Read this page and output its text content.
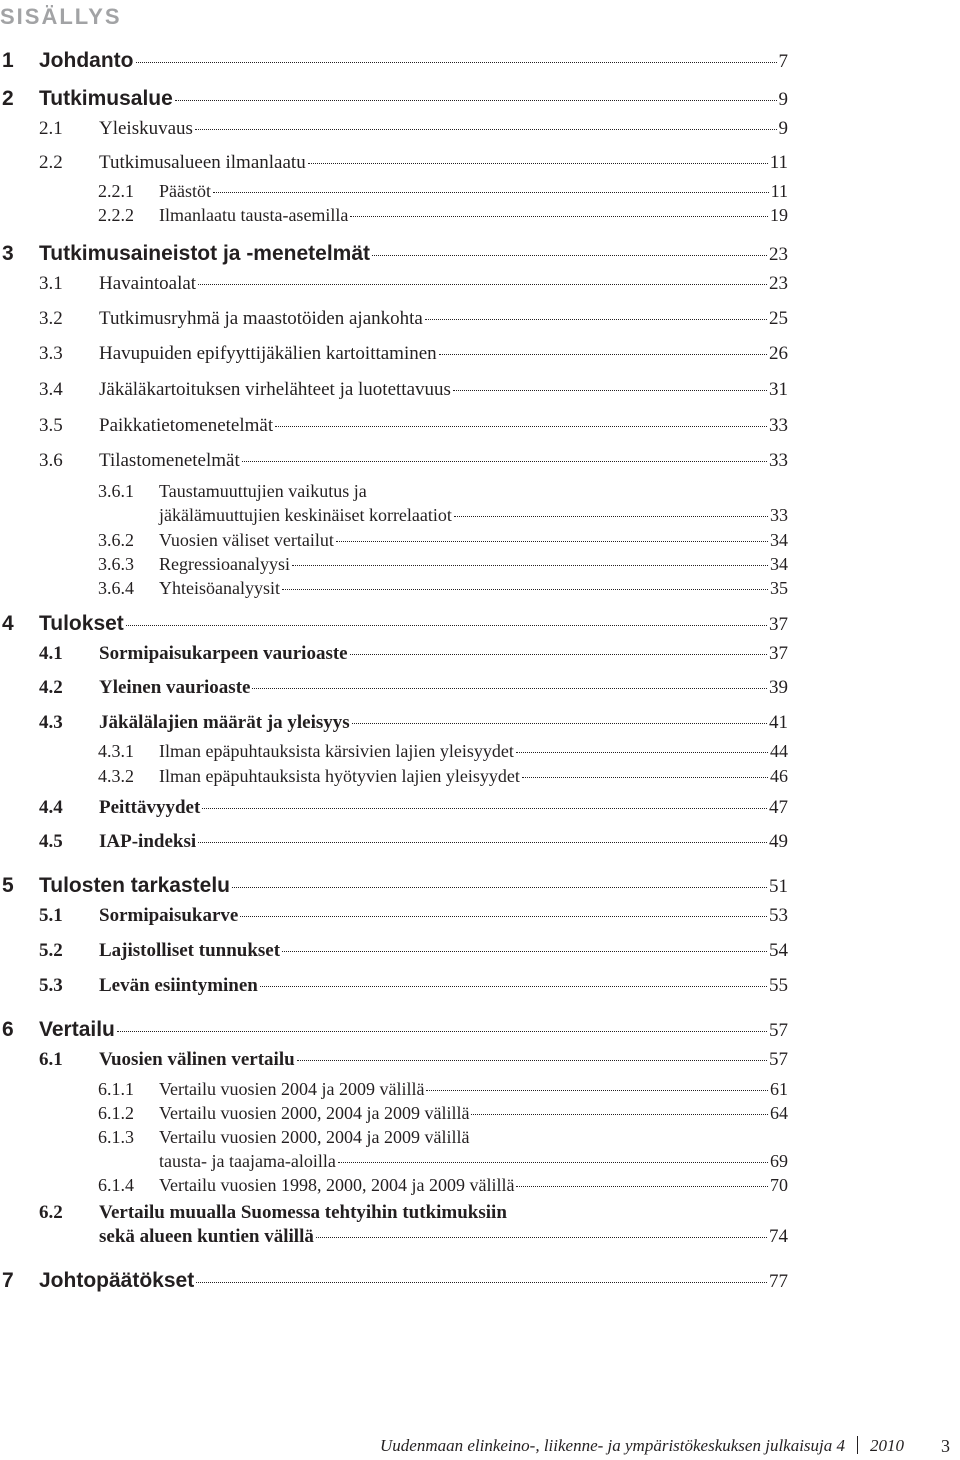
SISÄLLYS
1 Johdanto	7
2 Tutkimusalue	9
2.1 Yleiskuvaus	9
2.2 Tutkimusalueen ilmanlaatu	11
2.2.1 Päästöt	11
2.2.2 Ilmanlaatu tausta-asemilla	19
3 Tutkimusaineistot ja -menetelmät	23
3.1 Havaintoalat	23
3.2 Tutkimusryhmä ja maastotöiden ajankohta	25
3.3 Havupuiden epifyyttijäkälien kartoittaminen	26
3.4 Jäkäläkartoituksen virhelähteet ja luotettavuus	31
3.5 Paikkatietomenetelmät	33
3.6 Tilastomenetelmät	33
3.6.1 Taustamuuttujien vaikutus ja
jäkälämuuttujien keskinäiset korrelaatiot	33
3.6.2 Vuosien väliset vertailut	34
3.6.3 Regressioanalyysi	34
3.6.4 Yhteisöanalyysit	35
4 Tulokset	37
4.1 Sormipaisukarpeen vaurioaste	37
4.2 Yleinen vaurioaste	39
4.3 Jäkälälajien määrät ja yleisyys	41
4.3.1 Ilman epäpuhtauksista kärsivien lajien yleisyydet	44
4.3.2 Ilman epäpuhtauksista hyötyvien lajien yleisyydet	46
4.4 Peittävyydet	47
4.5 IAP-indeksi	49
5 Tulosten tarkastelu	51
5.1 Sormipaisukarve	53
5.2 Lajistolliset tunnukset	54
5.3 Levän esiintyminen	55
6 Vertailu	57
6.1 Vuosien välinen vertailu	57
6.1.1 Vertailu vuosien 2004 ja 2009 välillä	61
6.1.2 Vertailu vuosien 2000, 2004 ja 2009 välillä	64
6.1.3 Vertailu vuosien 2000, 2004 ja 2009 välillä
tausta- ja taajama-aloilla	69
6.1.4 Vertailu vuosien 1998, 2000, 2004 ja 2009 välillä	70
6.2 Vertailu muualla Suomessa tehtyihin tutkimuksiin
sekä alueen kuntien välillä	74
7 Johtopäätökset	77
Uudenmaan elinkeino-, liikenne- ja ympäristökeskuksen julkaisuja 4 2010 3
